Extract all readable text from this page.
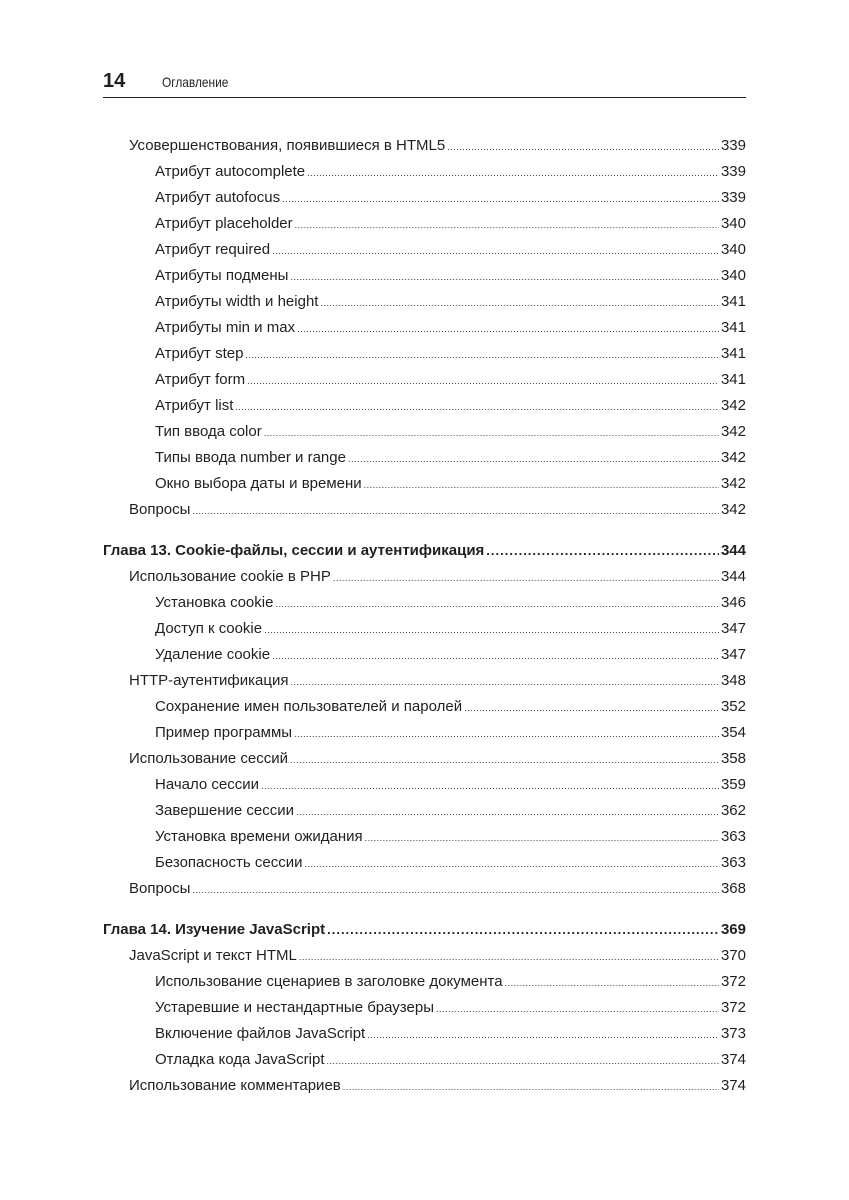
14	Оглавление
Усовершенствования, появившиеся в HTML5 .....	339
Атрибут autocomplete .....	339
Атрибут autofocus .....	339
Атрибут placeholder .....	340
Атрибут required .....	340
Атрибуты подмены .....	340
Атрибуты width и height .....	341
Атрибуты min и max .....	341
Атрибут step .....	341
Атрибут form .....	341
Атрибут list .....	342
Тип ввода color .....	342
Типы ввода number и range .....	342
Окно выбора даты и времени .....	342
Вопросы .....	342
Глава 13. Cookie-файлы, сессии и аутентификация .....	344
Использование cookie в PHP .....	344
Установка cookie .....	346
Доступ к cookie .....	347
Удаление cookie .....	347
HTTP-аутентификация .....	348
Сохранение имен пользователей и паролей .....	352
Пример программы .....	354
Использование сессий .....	358
Начало сессии .....	359
Завершение сессии .....	362
Установка времени ожидания .....	363
Безопасность сессии .....	363
Вопросы .....	368
Глава 14. Изучение JavaScript .....	369
JavaScript и текст HTML .....	370
Использование сценариев в заголовке документа .....	372
Устаревшие и нестандартные браузеры .....	372
Включение файлов JavaScript .....	373
Отладка кода JavaScript .....	374
Использование комментариев .....	374
